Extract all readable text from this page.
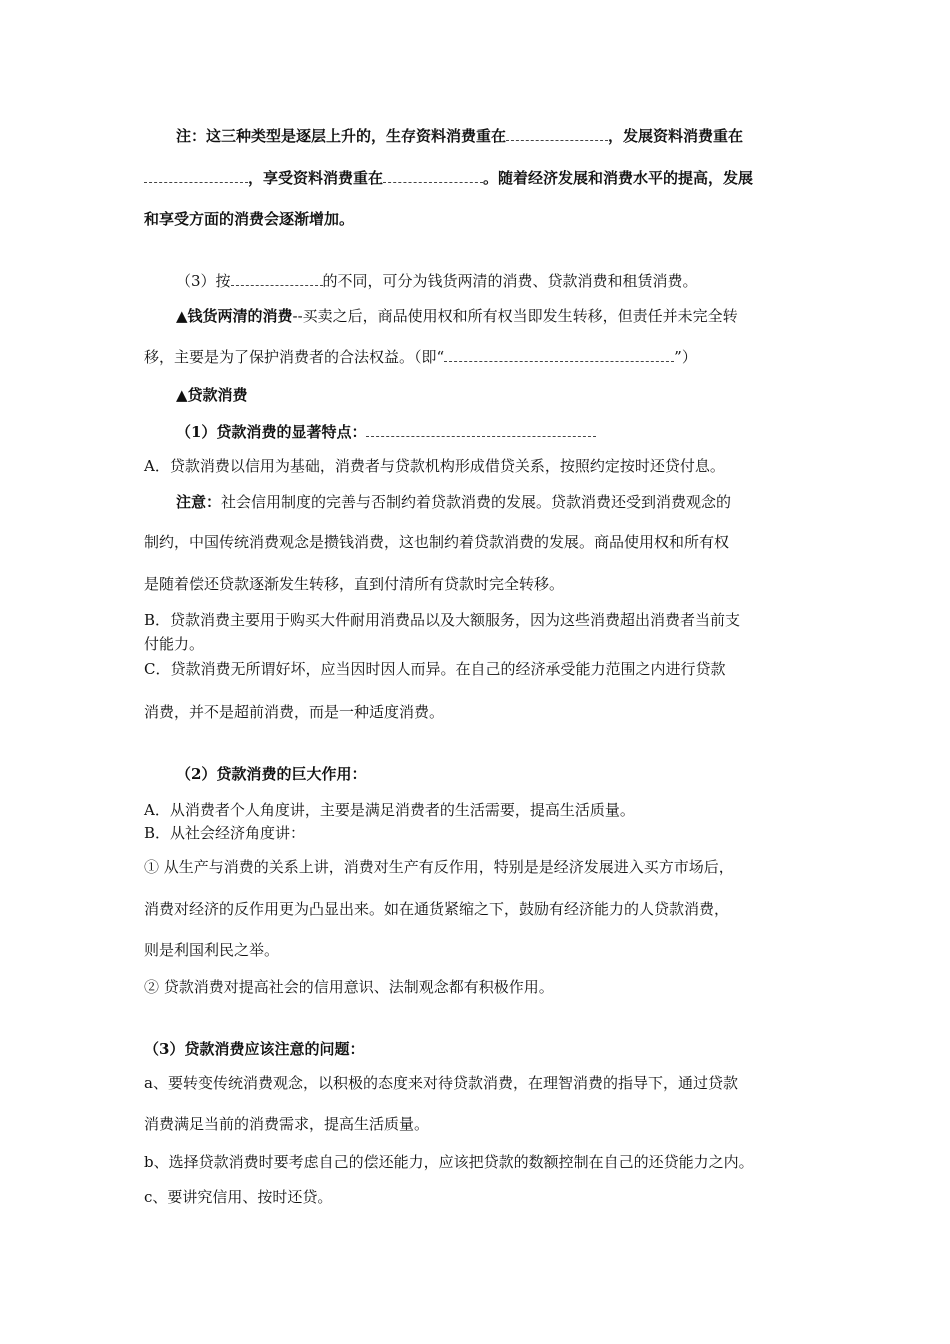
注：这三种类型是逐层上升的，生存资料消费重在	，发展资料消费重在
，享受资料消费重在	。随着经济发展和消费水平的提高，发展
和享受方面的消费会逐渐增加。
（3）按	的不同，可分为钱货两清的消费、贷款消费和租赁消费。
▲钱货两清的消费--买卖之后，商品使用权和所有权当即发生转移，但责任并未完全转
移，主要是为了保护消费者的合法权益。（即“	”）
▲贷款消费
（1）贷款消费的显著特点：
A．贷款消费以信用为基础，消费者与贷款机构形成借贷关系，按照约定按时还贷付息。
注意：社会信用制度的完善与否制约着贷款消费的发展。贷款消费还受到消费观念的
制约，中国传统消费观念是攒钱消费，这也制约着贷款消费的发展。商品使用权和所有权
是随着偿还贷款逐渐发生转移，直到付清所有贷款时完全转移。
B．贷款消费主要用于购买大件耐用消费品以及大额服务，因为这些消费超出消费者当前支
付能力。
C．贷款消费无所谓好坏，应当因时因人而异。在自己的经济承受能力范围之内进行贷款
消费，并不是超前消费，而是一种适度消费。
（2）贷款消费的巨大作用：
A．从消费者个人角度讲，主要是满足消费者的生活需要，提高生活质量。
B．从社会经济角度讲：
① 从生产与消费的关系上讲，消费对生产有反作用，特别是是经济发展进入买方市场后，
消费对经济的反作用更为凸显出来。如在通货紧缩之下，鼓励有经济能力的人贷款消费，
则是利国利民之举。
② 贷款消费对提高社会的信用意识、法制观念都有积极作用。
（3）贷款消费应该注意的问题：
a、要转变传统消费观念，以积极的态度来对待贷款消费，在理智消费的指导下，通过贷款
消费满足当前的消费需求，提高生活质量。
b、选择贷款消费时要考虑自己的偿还能力，应该把贷款的数额控制在自己的还贷能力之内。
c、要讲究信用、按时还贷。
